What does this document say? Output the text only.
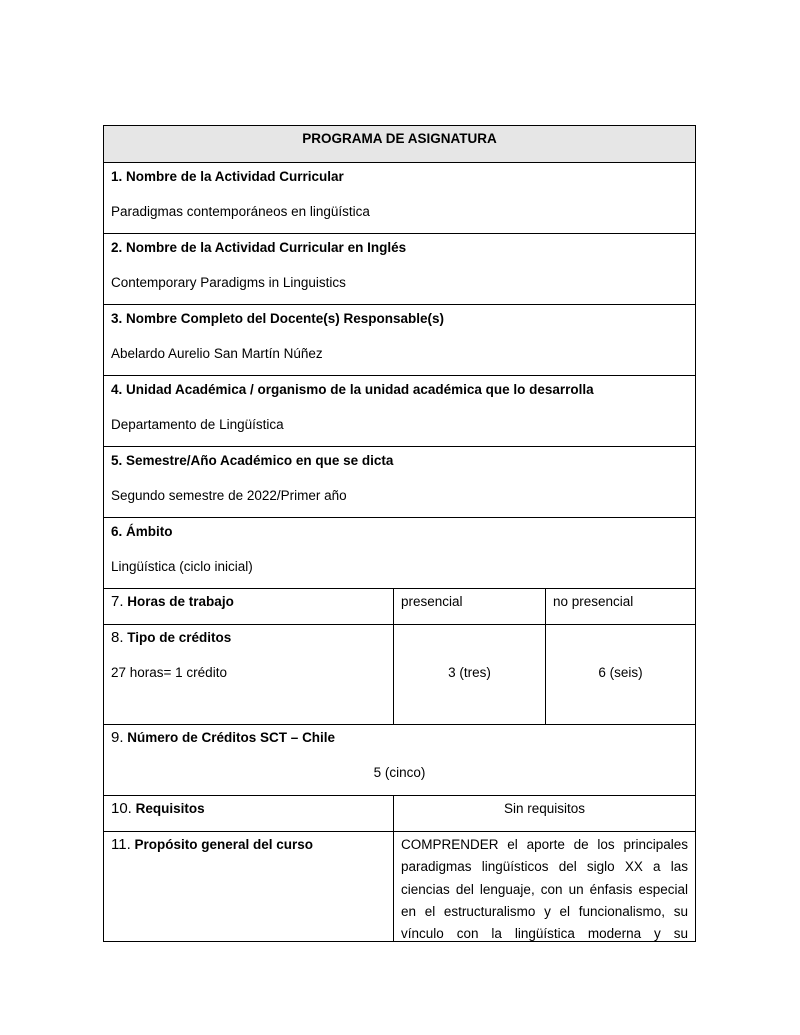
PROGRAMA DE ASIGNATURA
1. Nombre de la Actividad Curricular
Paradigmas contemporáneos en lingüística
2. Nombre de la Actividad Curricular en Inglés
Contemporary Paradigms in Linguistics
3. Nombre Completo del Docente(s) Responsable(s)
Abelardo Aurelio San Martín Núñez
4. Unidad Académica / organismo de la unidad académica que lo desarrolla
Departamento de Lingüística
5. Semestre/Año Académico en que se dicta
Segundo semestre de 2022/Primer año
6. Ámbito
Lingüística (ciclo inicial)
7. Horas de trabajo	presencial	no presencial
8. Tipo de créditos
27 horas= 1 crédito	3 (tres)	6 (seis)
9. Número de Créditos SCT – Chile
5 (cinco)
10. Requisitos	Sin requisitos
11. Propósito general del curso	COMPRENDER el aporte de los principales
paradigmas lingüísticos del siglo XX a las
ciencias del lenguaje, con un énfasis especial
en el estructuralismo y el funcionalismo, su
vínculo con la lingüística moderna y su
